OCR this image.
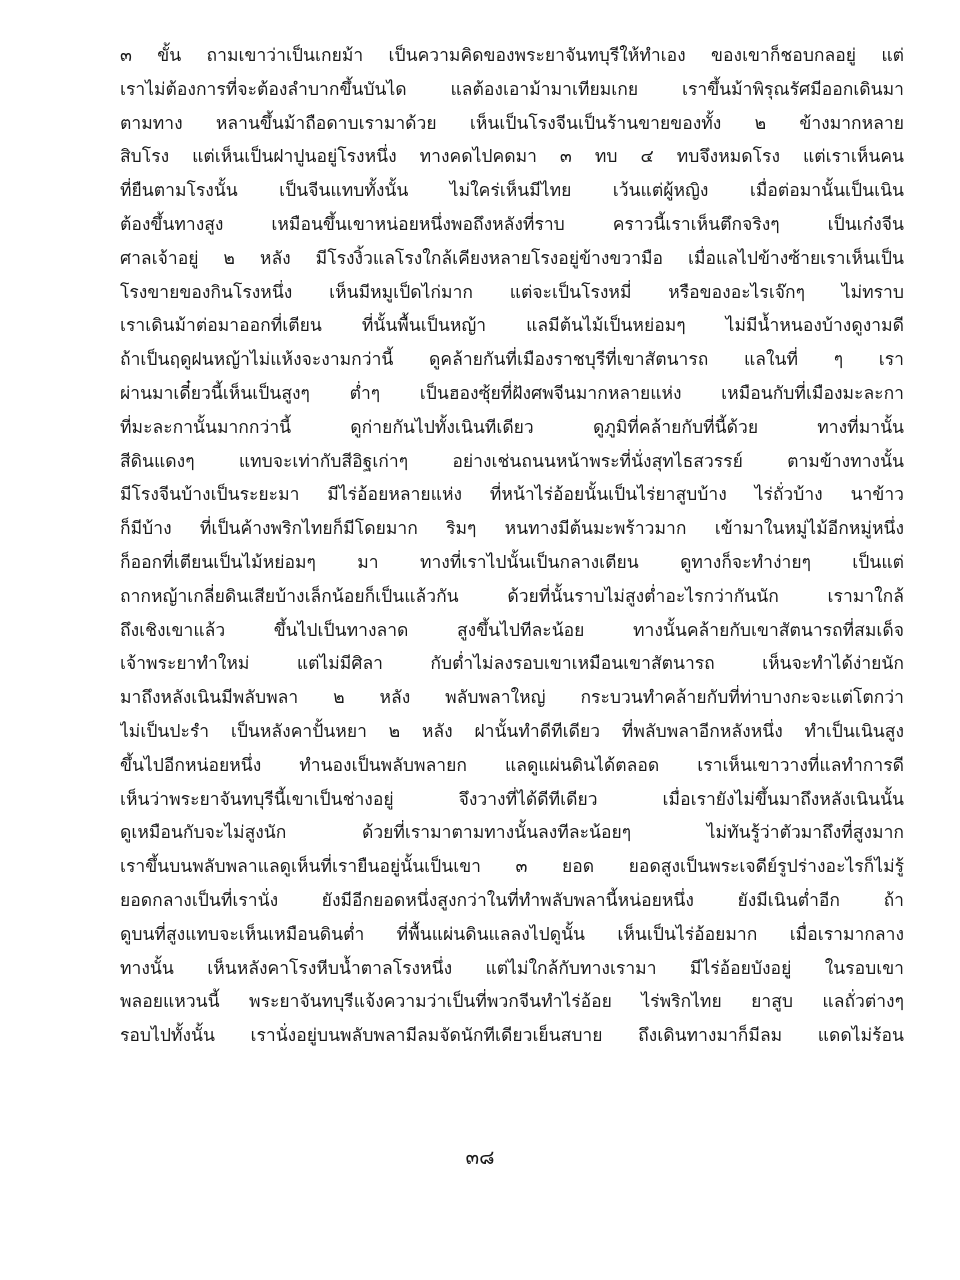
๓ ขั้น ถามเขาว่าเป็นเกยม้า เป็นความคิดของพระยาจันทบุรีให้ทำเอง ของเขาก็ชอบกลอยู่ แต่
เราไม่ต้องการที่จะต้องลำบากขึ้นบันได แลต้องเอาม้ามาเทียมเกย เราขึ้นม้าพิรุณรัศมีออกเดินมา
ตามทาง หลานขึ้นม้าถือดาบเรามาด้วย เห็นเป็นโรงจีนเป็นร้านขายของทั้ง ๒ ข้างมากหลาย
สิบโรง แต่เห็นเป็นฝาปูนอยู่โรงหนึ่ง ทางคดไปคดมา ๓ ทบ ๔ ทบจึงหมดโรง แต่เราเห็นคน
ที่ยืนตามโรงนั้น เป็นจีนแทบทั้งนั้น ไม่ใคร่เห็นมีไทย เว้นแต่ผู้หญิง เมื่อต่อมานั้นเป็นเนิน
ต้องขึ้นทางสูง เหมือนขึ้นเขาหน่อยหนึ่งพอถึงหลังที่ราบ คราวนี้เราเห็นตึกจริงๆ เป็นเก๋งจีน
ศาลเจ้าอยู่ ๒ หลัง มีโรงงิ้วแลโรงใกล้เคียงหลายโรงอยู่ข้างขวามือ เมื่อแลไปข้างซ้ายเราเห็นเป็น
โรงขายของกินโรงหนึ่ง เห็นมีหมูเป็ดไก่มาก แต่จะเป็นโรงหมี่ หรือของอะไรเจ๊กๆ ไม่ทราบ
เราเดินม้าต่อมาออกที่เตียน ที่นั้นพื้นเป็นหญ้า แลมีต้นไม้เป็นหย่อมๆ ไม่มีน้ำหนองบ้างดูงามดี
ถ้าเป็นฤดูฝนหญ้าไม่แห้งจะงามกว่านี้ ดูคล้ายกันที่เมืองราชบุรีที่เขาสัตนารถ แลในที่ ๆ เรา
ผ่านมาเดี๋ยวนี้เห็นเป็นสูงๆ ต่ำๆ เป็นฮองซุ้ยที่ฝังศพจีนมากหลายแห่ง เหมือนกับที่เมืองมะละกา
ที่มะละกานั้นมากกว่านี้ ดูก่ายกันไปทั้งเนินทีเดียว ดูภูมิที่คล้ายกับที่นี้ด้วย ทางที่มานั้น
สีดินแดงๆ แทบจะเท่ากับสีอิฐเก่าๆ อย่างเช่นถนนหน้าพระที่นั่งสุทไธสวรรย์ ตามข้างทางนั้น
มีโรงจีนบ้างเป็นระยะมา มีไร่อ้อยหลายแห่ง ที่หน้าไร่อ้อยนั้นเป็นไร่ยาสูบบ้าง ไร่ถั่วบ้าง นาข้าว
ก็มีบ้าง ที่เป็นค้างพริกไทยก็มีโดยมาก ริมๆ หนทางมีต้นมะพร้าวมาก เข้ามาในหมู่ไม้อีกหมู่หนึ่ง
ก็ออกที่เตียนเป็นไม้หย่อมๆ มา ทางที่เราไปนั้นเป็นกลางเตียน ดูทางก็จะทำง่ายๆ เป็นแต่
ถากหญ้าเกลี่ยดินเสียบ้างเล็กน้อยก็เป็นแล้วกัน ด้วยที่นั้นราบไม่สูงต่ำอะไรกว่ากันนัก เรามาใกล้
ถึงเชิงเขาแล้ว ขึ้นไปเป็นทางลาด สูงขึ้นไปทีละน้อย ทางนั้นคล้ายกับเขาสัตนารถที่สมเด็จ
เจ้าพระยาทำใหม่ แต่ไม่มีศิลา กับต่ำไม่ลงรอบเขาเหมือนเขาสัตนารถ เห็นจะทำได้ง่ายนัก
มาถึงหลังเนินมีพลับพลา ๒ หลัง พลับพลาใหญ่ กระบวนทำคล้ายกับที่ท่าบางกะจะแต่โตกว่า
ไม่เป็นปะรำ เป็นหลังคาปั้นหยา ๒ หลัง ฝานั้นทำดีทีเดียว ที่พลับพลาอีกหลังหนึ่ง ทำเป็นเนินสูง
ขึ้นไปอีกหน่อยหนึ่ง ทำนองเป็นพลับพลายก แลดูแผ่นดินได้ตลอด เราเห็นเขาวางที่แลทำการดี
เห็นว่าพระยาจันทบุรีนี้เขาเป็นช่างอยู่ จึงวางที่ได้ดีทีเดียว เมื่อเรายังไม่ขึ้นมาถึงหลังเนินนั้น
ดูเหมือนกับจะไม่สูงนัก ด้วยที่เรามาตามทางนั้นลงทีละน้อยๆ ไม่ทันรู้ว่าตัวมาถึงที่สูงมาก
เราขึ้นบนพลับพลาแลดูเห็นที่เรายืนอยู่นั้นเป็นเขา ๓ ยอด ยอดสูงเป็นพระเจดีย์รูปร่างอะไรก็ไม่รู้
ยอดกลางเป็นที่เรานั่ง ยังมีอีกยอดหนึ่งสูงกว่าในที่ทำพลับพลานี้หน่อยหนึ่ง ยังมีเนินต่ำอีก ถ้า
ดูบนที่สูงแทบจะเห็นเหมือนดินต่ำ ที่พื้นแผ่นดินแลลงไปดูนั้น เห็นเป็นไร่อ้อยมาก เมื่อเรามากลาง
ทางนั้น เห็นหลังคาโรงหีบน้ำตาลโรงหนึ่ง แต่ไม่ใกล้กับทางเรามา มีไร่อ้อยบังอยู่ ในรอบเขา
พลอยแหวนนี้ พระยาจันทบุรีแจ้งความว่าเป็นที่พวกจีนทำไร่อ้อย ไร่พริกไทย ยาสูบ แลถั่วต่างๆ
รอบไปทั้งนั้น เรานั่งอยู่บนพลับพลามีลมจัดนักทีเดียวเย็นสบาย ถึงเดินทางมาก็มีลม แดดไม่ร้อน
๓๘
